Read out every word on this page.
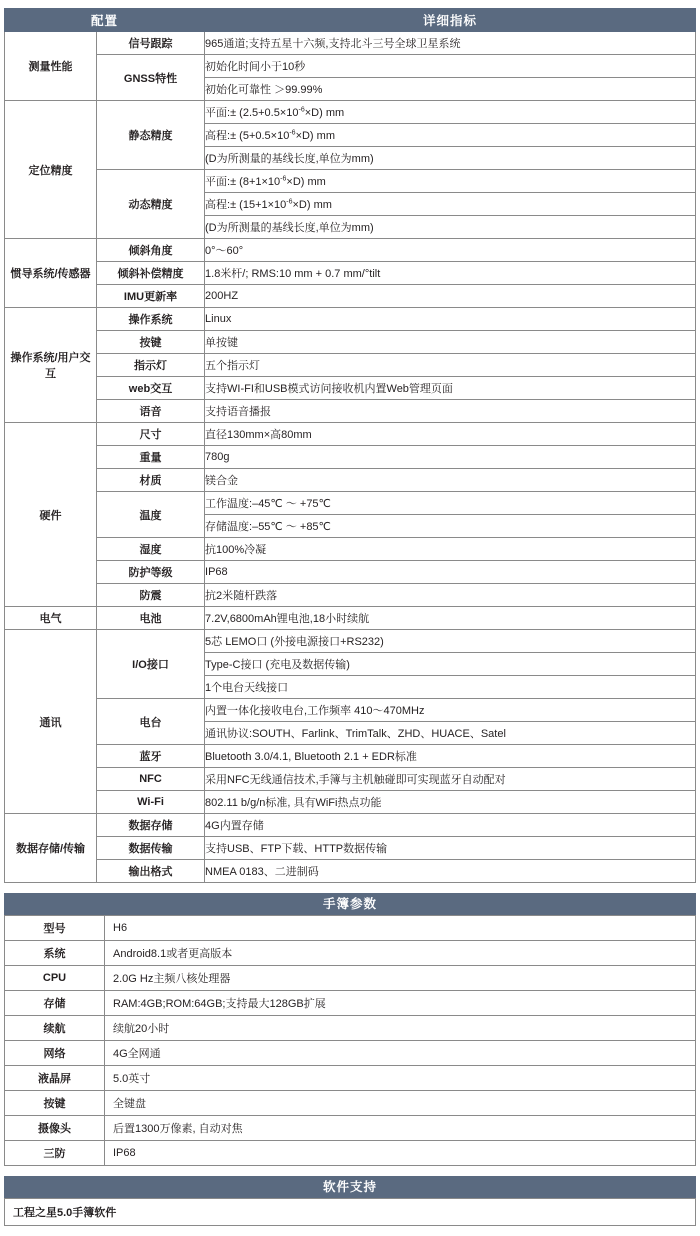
配置		详细指标
测量性能	信号跟踪	965通道;支持五星十六频,支持北斗三号全球卫星系统
	GNSS特性	初始化时间小于10秒
		初始化可靠性 ＞99.99%
定位精度	静态精度	平面:± $(2.5+0.5\times 10^{-6}\times D)$ mm
		高程:± $(5+0.5\times 10^{-6}\times D)$ mm
		(D为所测量的基线长度,单位为mm)
	动态精度	平面:± $(8+1\times 10^{-6}\times D)$ mm
		高程:± $(15+1\times 10^{-6}\times D)$ mm
		(D为所测量的基线长度,单位为mm)
惯导系统/传感器	倾斜角度	0°～60°
	倾斜补偿精度	1.8米杆/; RMS:10 mm + 0.7 mm/°tilt
	IMU更新率	200HZ
操作系统/用户交互	操作系统	Linux
	按键	单按键
	指示灯	五个指示灯
	web交互	支持WI-FI和USB模式访问接收机内置Web管理页面
	语音	支持语音播报
硬件	尺寸	直径130mm×高80mm
	重量	780g
	材质	镁合金
	温度	工作温度:–45℃ ～ +75℃
		存储温度:–55℃ ～ +85℃
	湿度	抗100%冷凝
	防护等级	IP68
	防震	抗2米随杆跌落
电气	电池	7.2V,6800mAh锂电池,18小时续航
通讯	I/O接口	5芯 LEMO口 (外接电源接口+RS232)
		Type-C接口 (充电及数据传输)
		1个电台天线接口
	电台	内置一体化接收电台,工作频率 410～470MHz
		通讯协议:SOUTH、Farlink、TrimTalk、ZHD、HUACE、Satel
	蓝牙	Bluetooth 3.0/4.1, Bluetooth 2.1 + EDR标准
	NFC	采用NFC无线通信技术,手簿与主机触碰即可实现蓝牙自动配对
	Wi-Fi	802.11 b/g/n标准, 具有WiFi热点功能
数据存储/传输	数据存储	4G内置存储
	数据传输	支持USB、FTP下载、HTTP数据传输
	输出格式	NMEA 0183、二进制码
手簿参数
型号	H6
系统	Android8.1或者更高版本
CPU	2.0G Hz主频八核处理器
存储	RAM:4GB;ROM:64GB;支持最大128GB扩展
续航	续航20小时
网络	4G全网通
液晶屏	5.0英寸
按键	全键盘
摄像头	后置1300万像素, 自动对焦
三防	IP68
软件支持
工程之星5.0手簿软件
